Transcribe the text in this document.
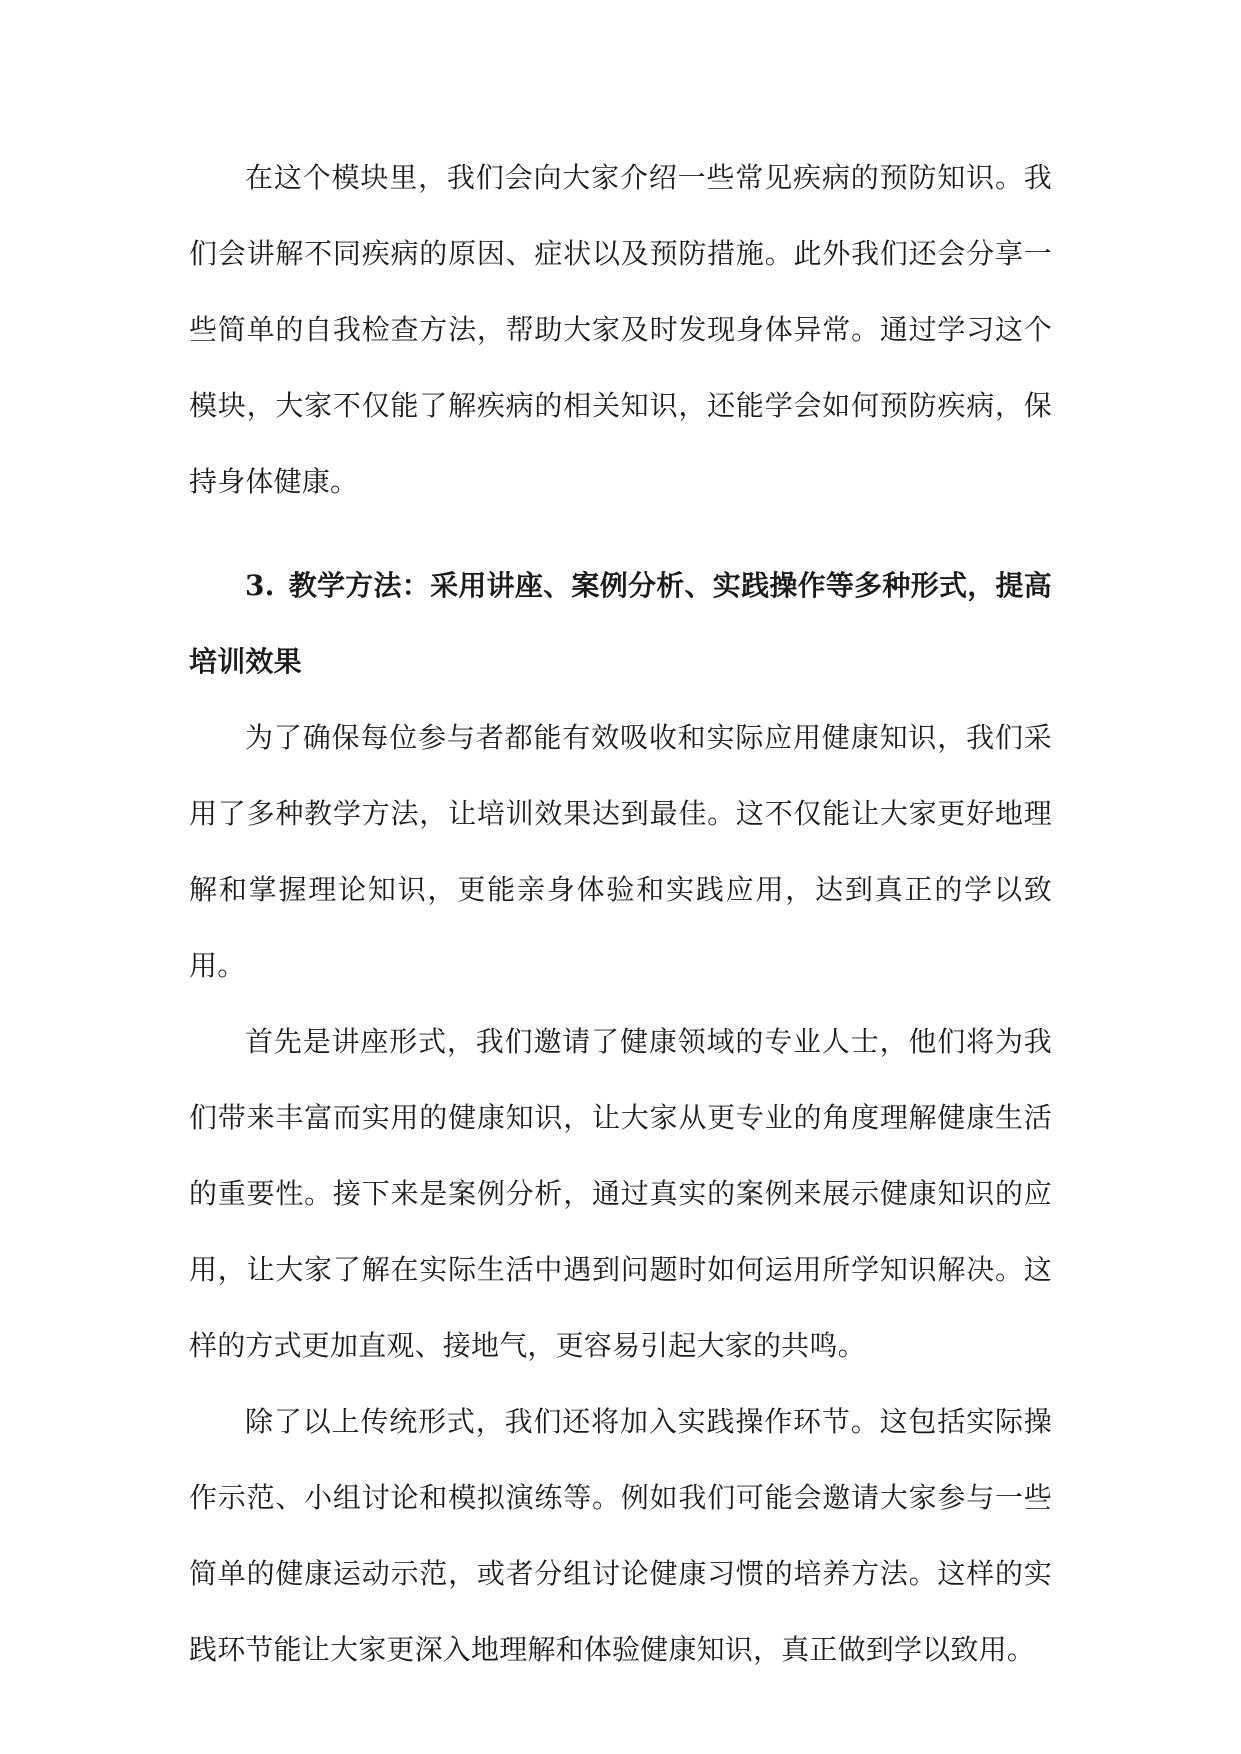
在这个模块里，我们会向大家介绍一些常见疾病的预防知识。我们会讲解不同疾病的原因、症状以及预防措施。此外我们还会分享一些简单的自我检查方法，帮助大家及时发现身体异常。通过学习这个模块，大家不仅能了解疾病的相关知识，还能学会如何预防疾病，保持身体健康。

3. 教学方法：采用讲座、案例分析、实践操作等多种形式，提高培训效果

为了确保每位参与者都能有效吸收和实际应用健康知识，我们采用了多种教学方法，让培训效果达到最佳。这不仅能让大家更好地理解和掌握理论知识，更能亲身体验和实践应用，达到真正的学以致用。

首先是讲座形式，我们邀请了健康领域的专业人士，他们将为我们带来丰富而实用的健康知识，让大家从更专业的角度理解健康生活的重要性。接下来是案例分析，通过真实的案例来展示健康知识的应用，让大家了解在实际生活中遇到问题时如何运用所学知识解决。这样的方式更加直观、接地气，更容易引起大家的共鸣。

除了以上传统形式，我们还将加入实践操作环节。这包括实际操作示范、小组讨论和模拟演练等。例如我们可能会邀请大家参与一些简单的健康运动示范，或者分组讨论健康习惯的培养方法。这样的实践环节能让大家更深入地理解和体验健康知识，真正做到学以致用。
